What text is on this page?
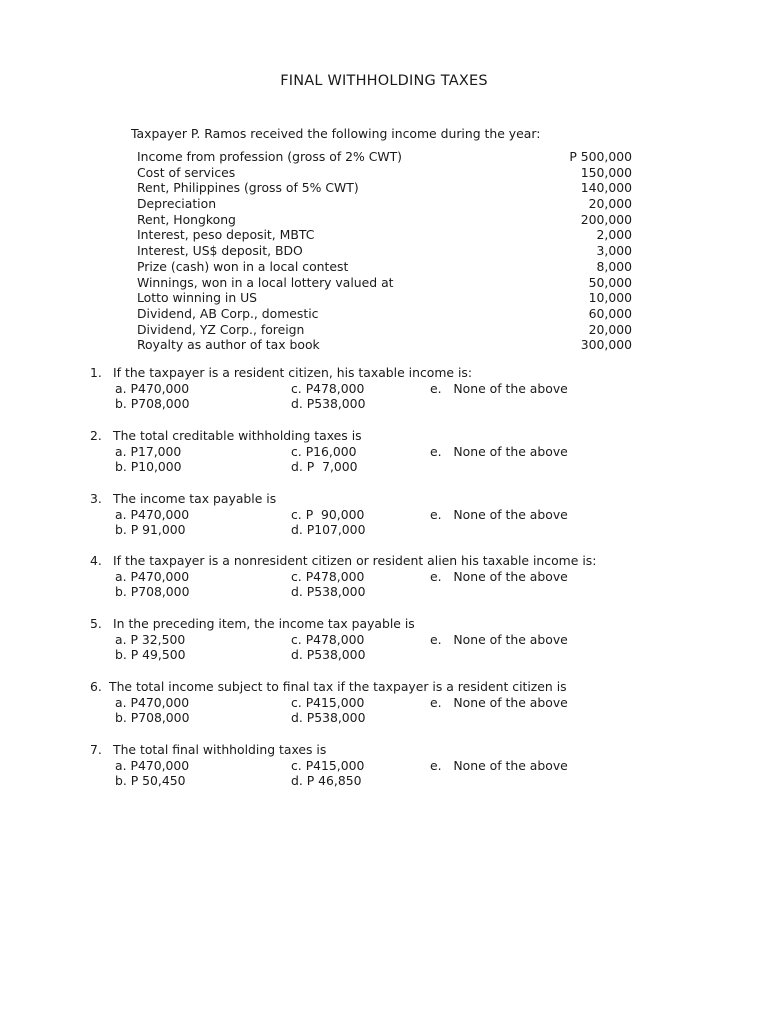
FINAL WITHHOLDING TAXES
Taxpayer P. Ramos received the following income during the year:
Income from profession (gross of 2% CWT)	P 500,000
Cost of services	150,000
Rent, Philippines (gross of 5% CWT)	140,000
Depreciation	20,000
Rent, Hongkong	200,000
Interest, peso deposit, MBTC	2,000
Interest, US$ deposit, BDO	3,000
Prize (cash) won in a local contest	8,000
Winnings, won in a local lottery valued at	50,000
Lotto winning in US	10,000
Dividend, AB Corp., domestic	60,000
Dividend, YZ Corp., foreign	20,000
Royalty as author of tax book	300,000
1. If the taxpayer is a resident citizen, his taxable income is:
a. P470,000	c. P478,000	e.   None of the above
b. P708,000	d. P538,000
2. The total creditable withholding taxes is
a. P17,000	c. P16,000	e.   None of the above
b. P10,000	d. P  7,000
3. The income tax payable is
a. P470,000	c. P  90,000	e.   None of the above
b. P 91,000	d. P107,000
4. If the taxpayer is a nonresident citizen or resident alien his taxable income is:
a. P470,000	c. P478,000	e.   None of the above
b. P708,000	d. P538,000
5. In the preceding item, the income tax payable is
a. P 32,500	c. P478,000	e.   None of the above
b. P 49,500	d. P538,000
6. The total income subject to final tax if the taxpayer is a resident citizen is
a. P470,000	c. P415,000	e.   None of the above
b. P708,000	d. P538,000
7. The total final withholding taxes is
a. P470,000	c. P415,000	e.   None of the above
b. P 50,450	d. P 46,850
